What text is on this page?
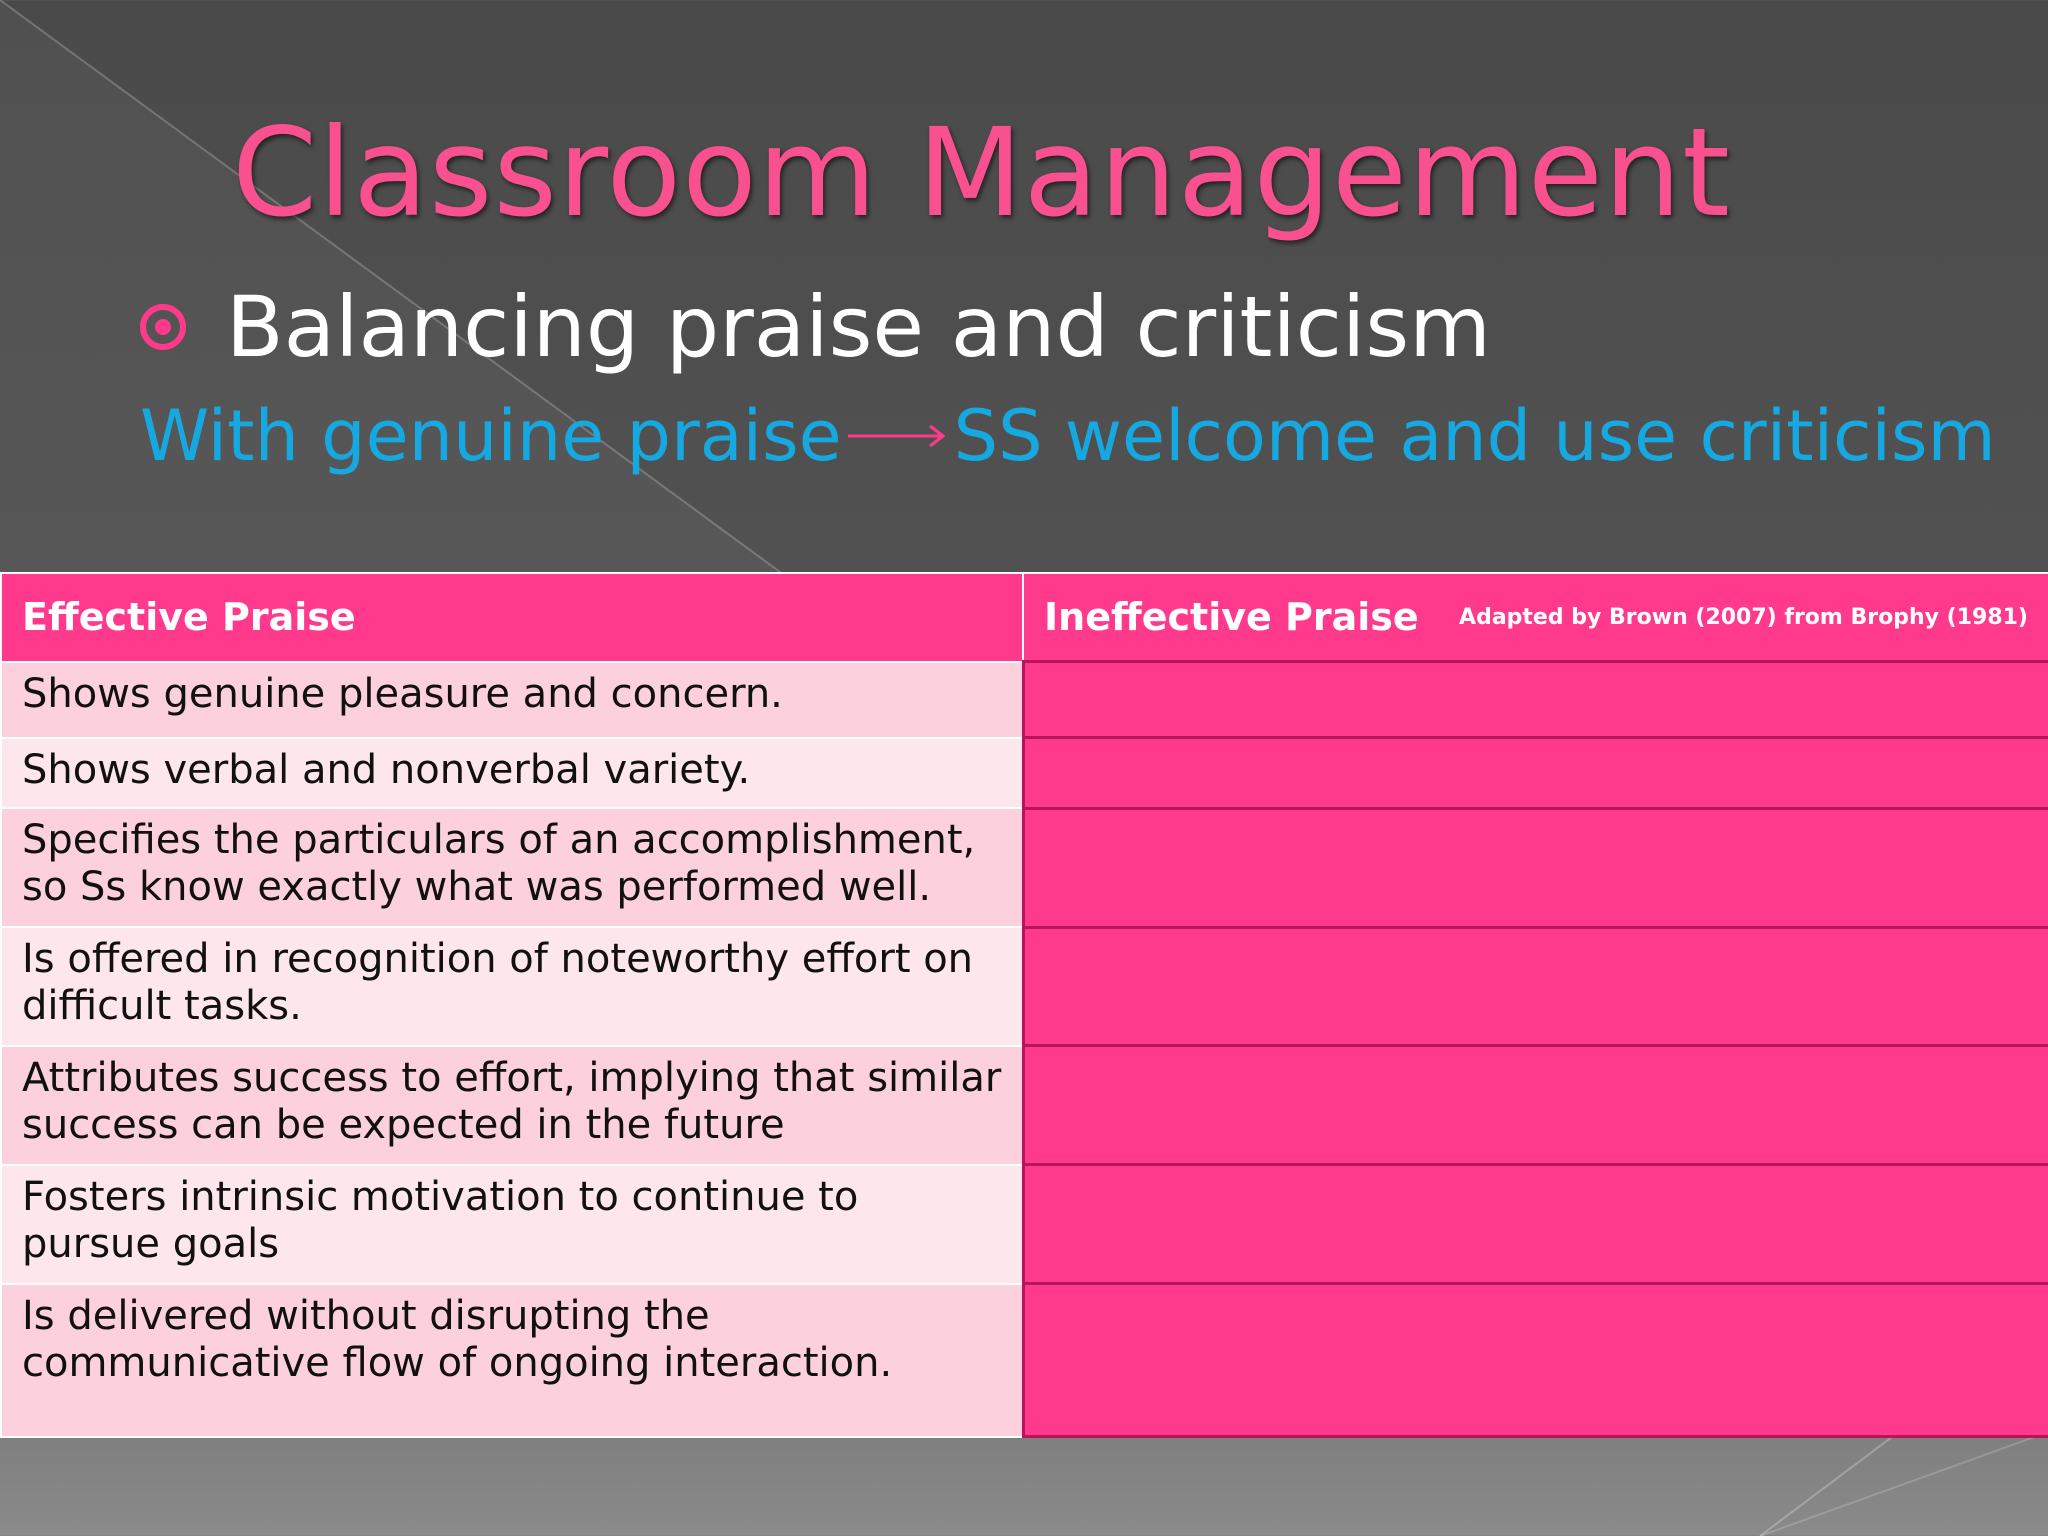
Classroom Management
Balancing praise and criticism
With genuine praise SS welcome and use criticism
Effective Praise	Ineffective Praise Adapted by Brown (2007) from Brophy (1981)

Shows genuine pleasure and concern.	
Shows verbal and nonverbal variety.	
Specifies the particulars of an accomplishment, so Ss know exactly what was performed well.	
Is offered in recognition of noteworthy effort on difficult tasks.	
Attributes success to effort, implying that similar success can be expected in the future	
Fosters intrinsic motivation to continue to pursue goals	
Is delivered without disrupting the communicative flow of ongoing interaction.	
